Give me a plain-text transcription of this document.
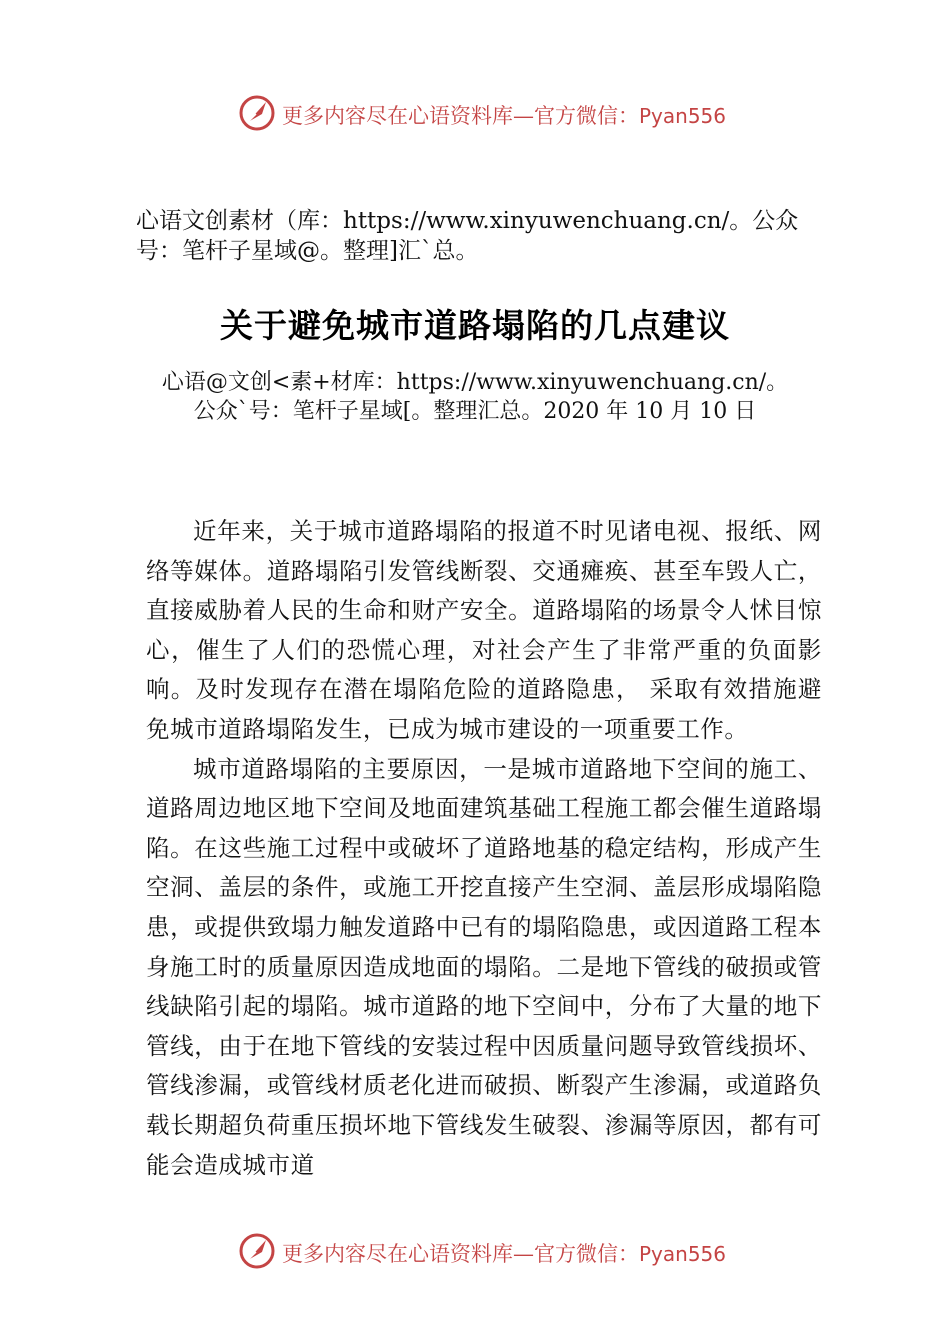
更多内容尽在心语资料库—官方微信：Pyan556
心语文创素材（库：https://www.xinyuwenchuang.cn/。公众号：笔杆子星域@。整理]汇`总。
关于避免城市道路塌陷的几点建议
心语@文创<素+材库：https://www.xinyuwenchuang.cn/。公众`号：笔杆子星域[。整理汇总。2020 年 10 月 10 日

近年来，关于城市道路塌陷的报道不时见诸电视、报纸、网络等媒体。道路塌陷引发管线断裂、交通瘫痪、甚至车毁人亡，直接威胁着人民的生命和财产安全。道路塌陷的场景令人怵目惊心，催生了人们的恐慌心理，对社会产生了非常严重的负面影响。及时发现存在潜在塌陷危险的道路隐患， 采取有效措施避免城市道路塌陷发生，已成为城市建设的一项重要工作。

城市道路塌陷的主要原因，一是城市道路地下空间的施工、道路周边地区地下空间及地面建筑基础工程施工都会催生道路塌陷。在这些施工过程中或破坏了道路地基的稳定结构，形成产生空洞、盖层的条件，或施工开挖直接产生空洞、盖层形成塌陷隐患，或提供致塌力触发道路中已有的塌陷隐患，或因道路工程本身施工时的质量原因造成地面的塌陷。二是地下管线的破损或管线缺陷引起的塌陷。城市道路的地下空间中，分布了大量的地下管线，由于在地下管线的安装过程中因质量问题导致管线损坏、管线渗漏，或管线材质老化进而破损、断裂产生渗漏，或道路负载长期超负荷重压损坏地下管线发生破裂、渗漏等原因，都有可能会造成城市道

更多内容尽在心语资料库—官方微信：Pyan556
